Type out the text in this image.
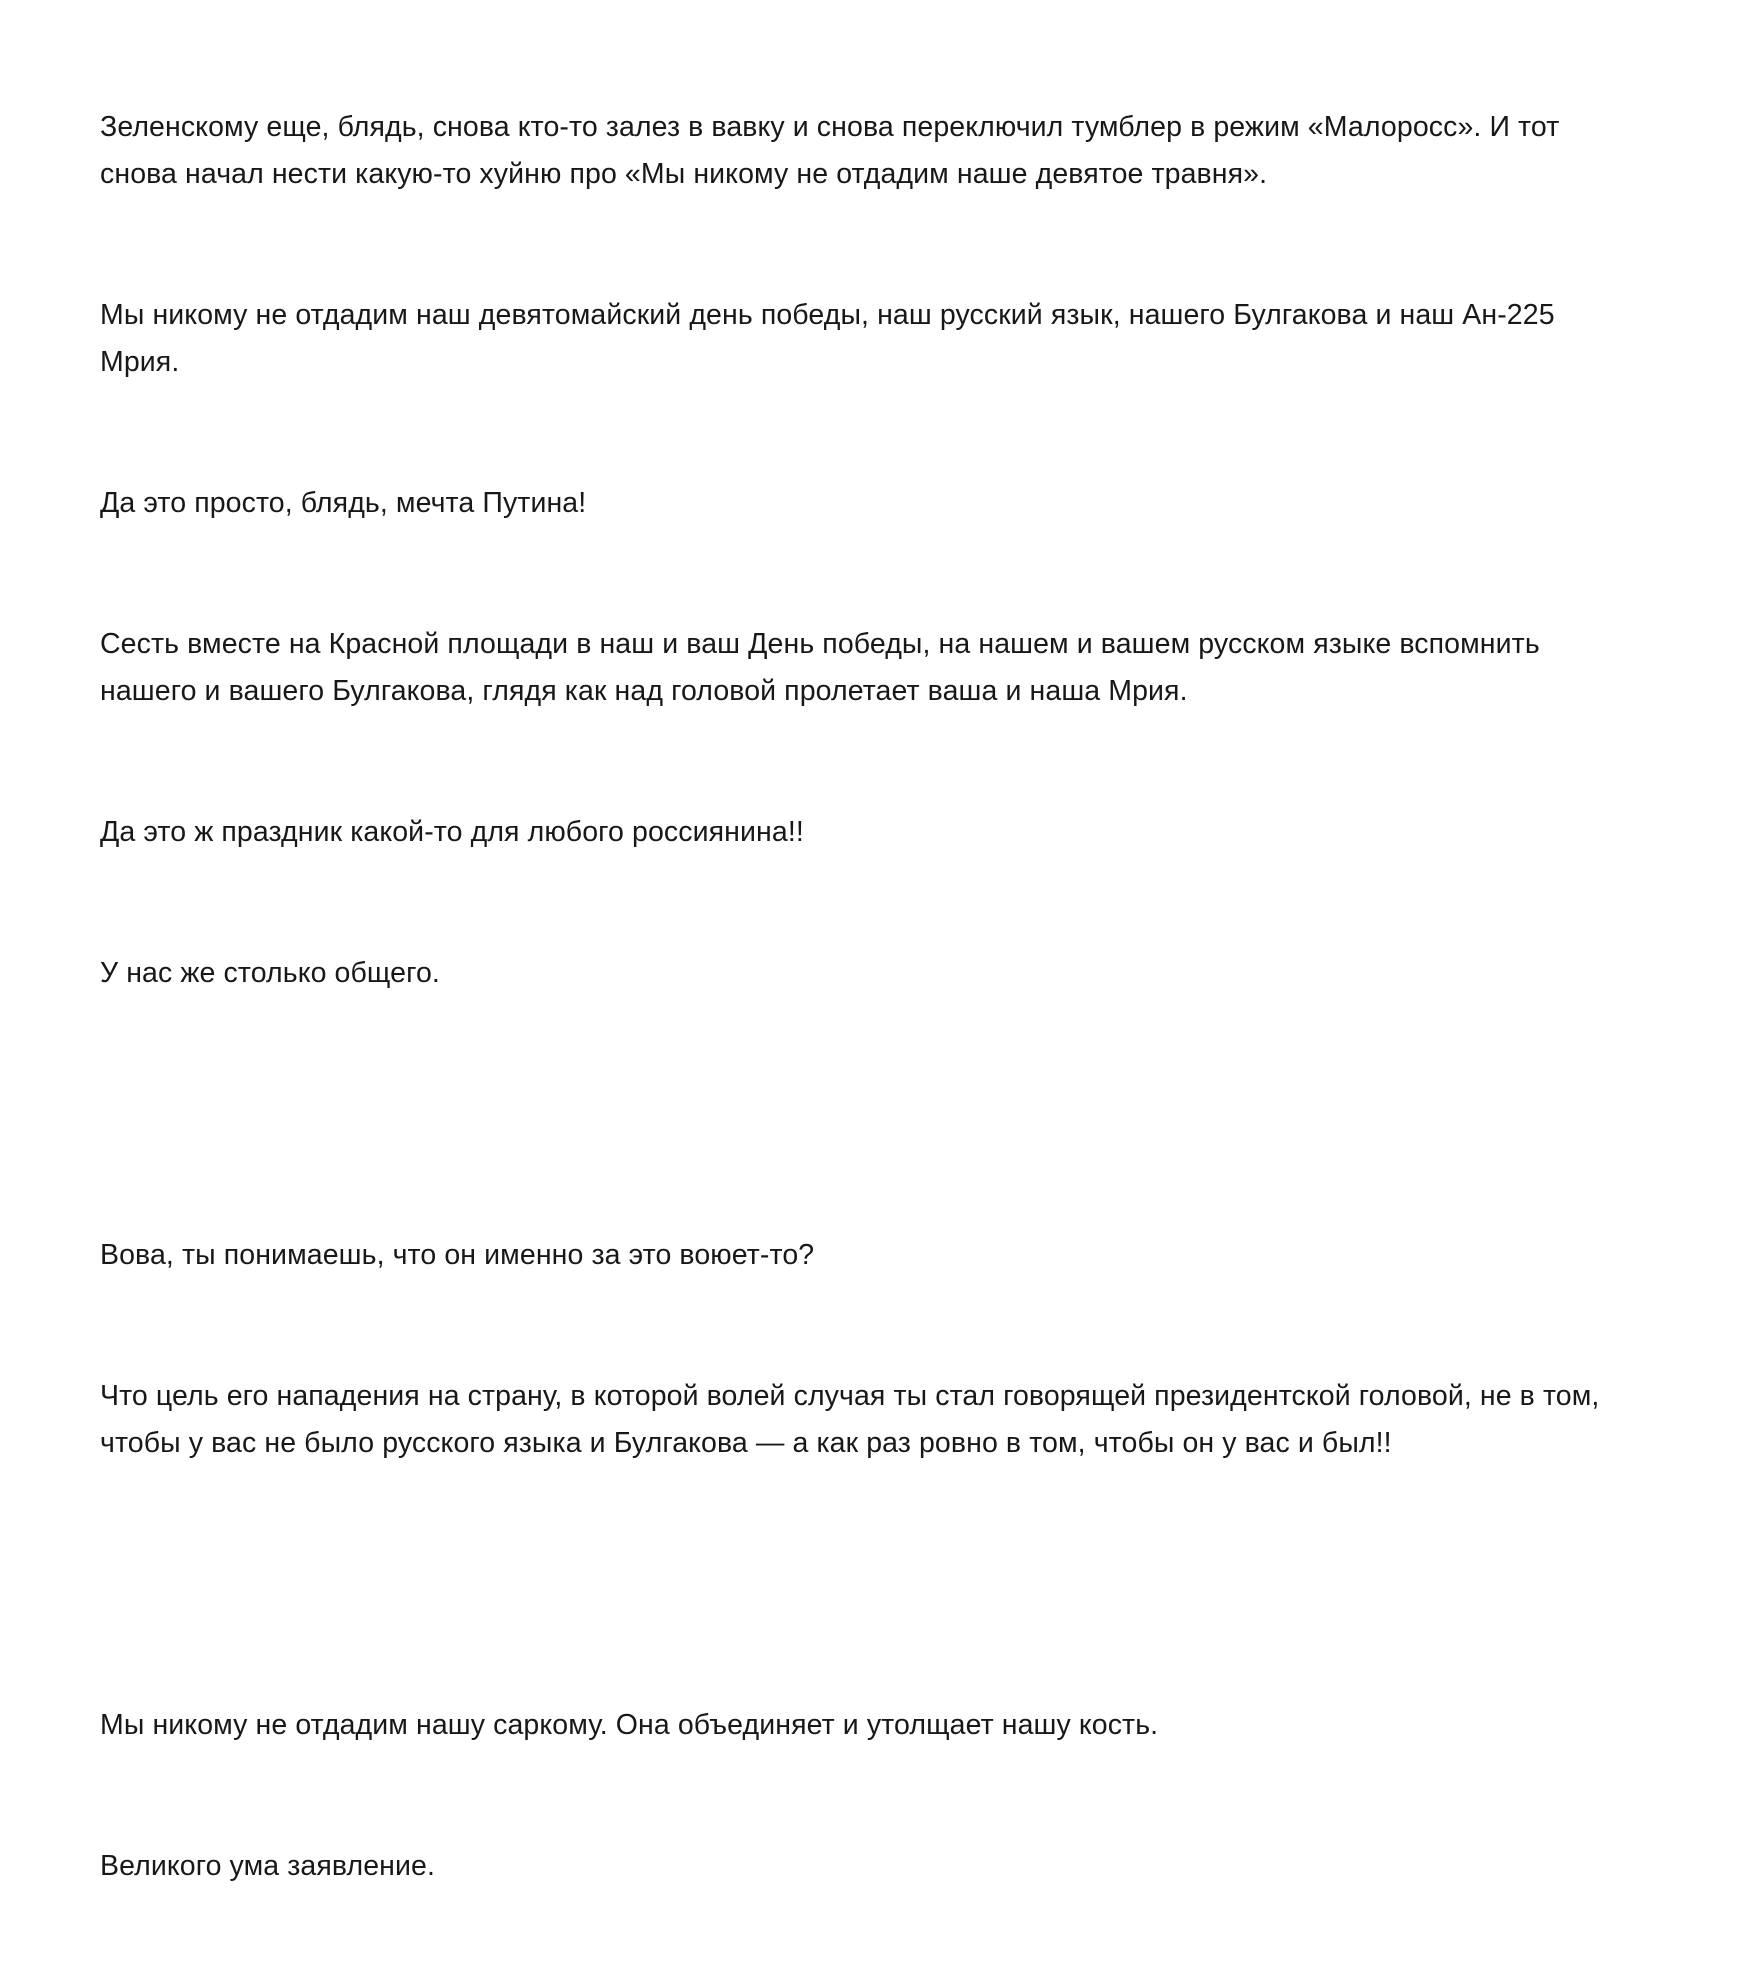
Зеленскому еще, блядь, снова кто-то залез в вавку и снова переключил тумблер в режим «Малоросс». И тот снова начал нести какую-то хуйню про «Мы никому не отдадим наше девятое травня».

Мы никому не отдадим наш девятомайский день победы, наш русский язык, нашего Булгакова и наш Ан-225 Мрия.

Да это просто, блядь, мечта Путина!

Сесть вместе на Красной площади в наш и ваш День победы, на нашем и вашем русском языке вспомнить нашего и вашего Булгакова, глядя как над головой пролетает ваша и наша Мрия.

Да это ж праздник какой-то для любого россиянина!!

У нас же столько общего.

Вова, ты понимаешь, что он именно за это воюет-то?

Что цель его нападения на страну, в которой волей случая ты стал говорящей президентской головой, не в том, чтобы у вас не было русского языка и Булгакова — а как раз ровно в том, чтобы он у вас и был!!

Мы никому не отдадим нашу саркому. Она объединяет и утолщает нашу кость.

Великого ума заявление.
